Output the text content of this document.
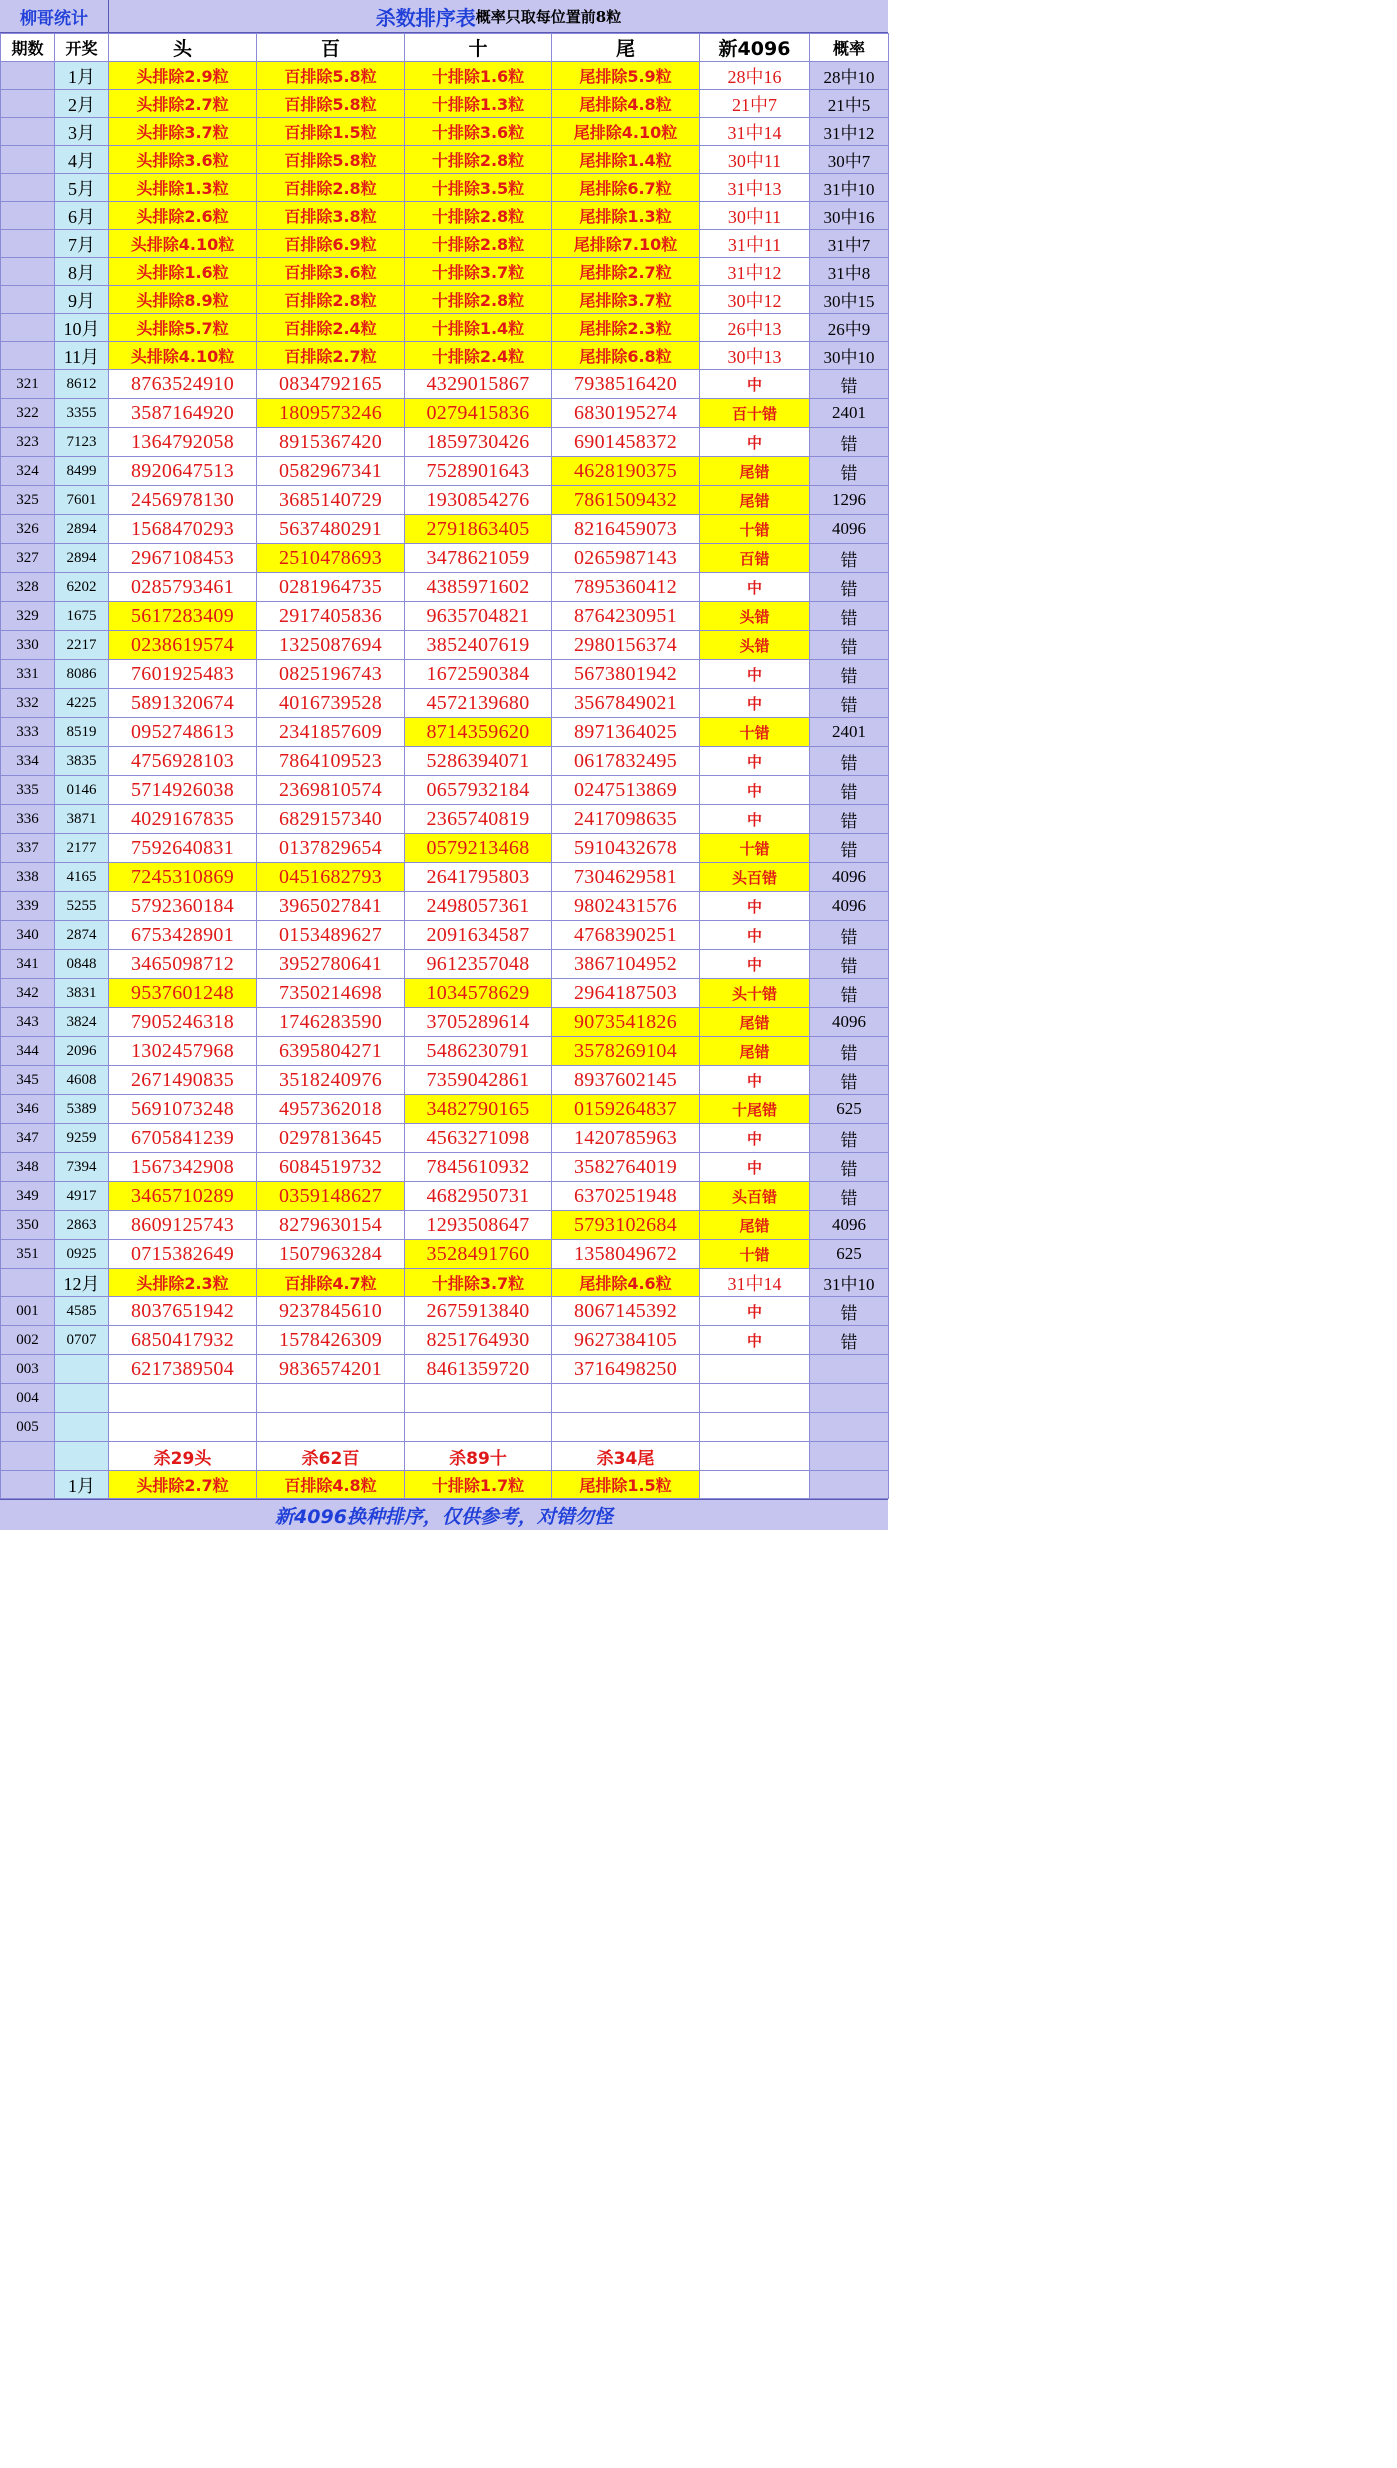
柳哥统计	杀数排序表 概率只取每位置前8粒
期数	开奖	头	百	十	尾	新4096	概率
	1月	头排除2.9粒	百排除5.8粒	十排除1.6粒	尾排除5.9粒	28中16	28中10
	2月	头排除2.7粒	百排除5.8粒	十排除1.3粒	尾排除4.8粒	21中7	21中5
	3月	头排除3.7粒	百排除1.5粒	十排除3.6粒	尾排除4.10粒	31中14	31中12
	4月	头排除3.6粒	百排除5.8粒	十排除2.8粒	尾排除1.4粒	30中11	30中7
	5月	头排除1.3粒	百排除2.8粒	十排除3.5粒	尾排除6.7粒	31中13	31中10
	6月	头排除2.6粒	百排除3.8粒	十排除2.8粒	尾排除1.3粒	30中11	30中16
	7月	头排除4.10粒	百排除6.9粒	十排除2.8粒	尾排除7.10粒	31中11	31中7
	8月	头排除1.6粒	百排除3.6粒	十排除3.7粒	尾排除2.7粒	31中12	31中8
	9月	头排除8.9粒	百排除2.8粒	十排除2.8粒	尾排除3.7粒	30中12	30中15
	10月	头排除5.7粒	百排除2.4粒	十排除1.4粒	尾排除2.3粒	26中13	26中9
	11月	头排除4.10粒	百排除2.7粒	十排除2.4粒	尾排除6.8粒	30中13	30中10
321	8612	8763524910	0834792165	4329015867	7938516420	中	错
322	3355	3587164920	1809573246	0279415836	6830195274	百十错	2401
323	7123	1364792058	8915367420	1859730426	6901458372	中	错
324	8499	8920647513	0582967341	7528901643	4628190375	尾错	错
325	7601	2456978130	3685140729	1930854276	7861509432	尾错	1296
326	2894	1568470293	5637480291	2791863405	8216459073	十错	4096
327	2894	2967108453	2510478693	3478621059	0265987143	百错	错
328	6202	0285793461	0281964735	4385971602	7895360412	中	错
329	1675	5617283409	2917405836	9635704821	8764230951	头错	错
330	2217	0238619574	1325087694	3852407619	2980156374	头错	错
331	8086	7601925483	0825196743	1672590384	5673801942	中	错
332	4225	5891320674	4016739528	4572139680	3567849021	中	错
333	8519	0952748613	2341857609	8714359620	8971364025	十错	2401
334	3835	4756928103	7864109523	5286394071	0617832495	中	错
335	0146	5714926038	2369810574	0657932184	0247513869	中	错
336	3871	4029167835	6829157340	2365740819	2417098635	中	错
337	2177	7592640831	0137829654	0579213468	5910432678	十错	错
338	4165	7245310869	0451682793	2641795803	7304629581	头百错	4096
339	5255	5792360184	3965027841	2498057361	9802431576	中	4096
340	2874	6753428901	0153489627	2091634587	4768390251	中	错
341	0848	3465098712	3952780641	9612357048	3867104952	中	错
342	3831	9537601248	7350214698	1034578629	2964187503	头十错	错
343	3824	7905246318	1746283590	3705289614	9073541826	尾错	4096
344	2096	1302457968	6395804271	5486230791	3578269104	尾错	错
345	4608	2671490835	3518240976	7359042861	8937602145	中	错
346	5389	5691073248	4957362018	3482790165	0159264837	十尾错	625
347	9259	6705841239	0297813645	4563271098	1420785963	中	错
348	7394	1567342908	6084519732	7845610932	3582764019	中	错
349	4917	3465710289	0359148627	4682950731	6370251948	头百错	错
350	2863	8609125743	8279630154	1293508647	5793102684	尾错	4096
351	0925	0715382649	1507963284	3528491760	1358049672	十错	625
	12月	头排除2.3粒	百排除4.7粒	十排除3.7粒	尾排除4.6粒	31中14	31中10
001	4585	8037651942	9237845610	2675913840	8067145392	中	错
002	0707	6850417932	1578426309	8251764930	9627384105	中	错
003		6217389504	9836574201	8461359720	3716498250		
004							
005							
		杀29头	杀62百	杀89十	杀34尾		
	1月	头排除2.7粒	百排除4.8粒	十排除1.7粒	尾排除1.5粒		
新4096换种排序，仅供参考，对错勿怪
